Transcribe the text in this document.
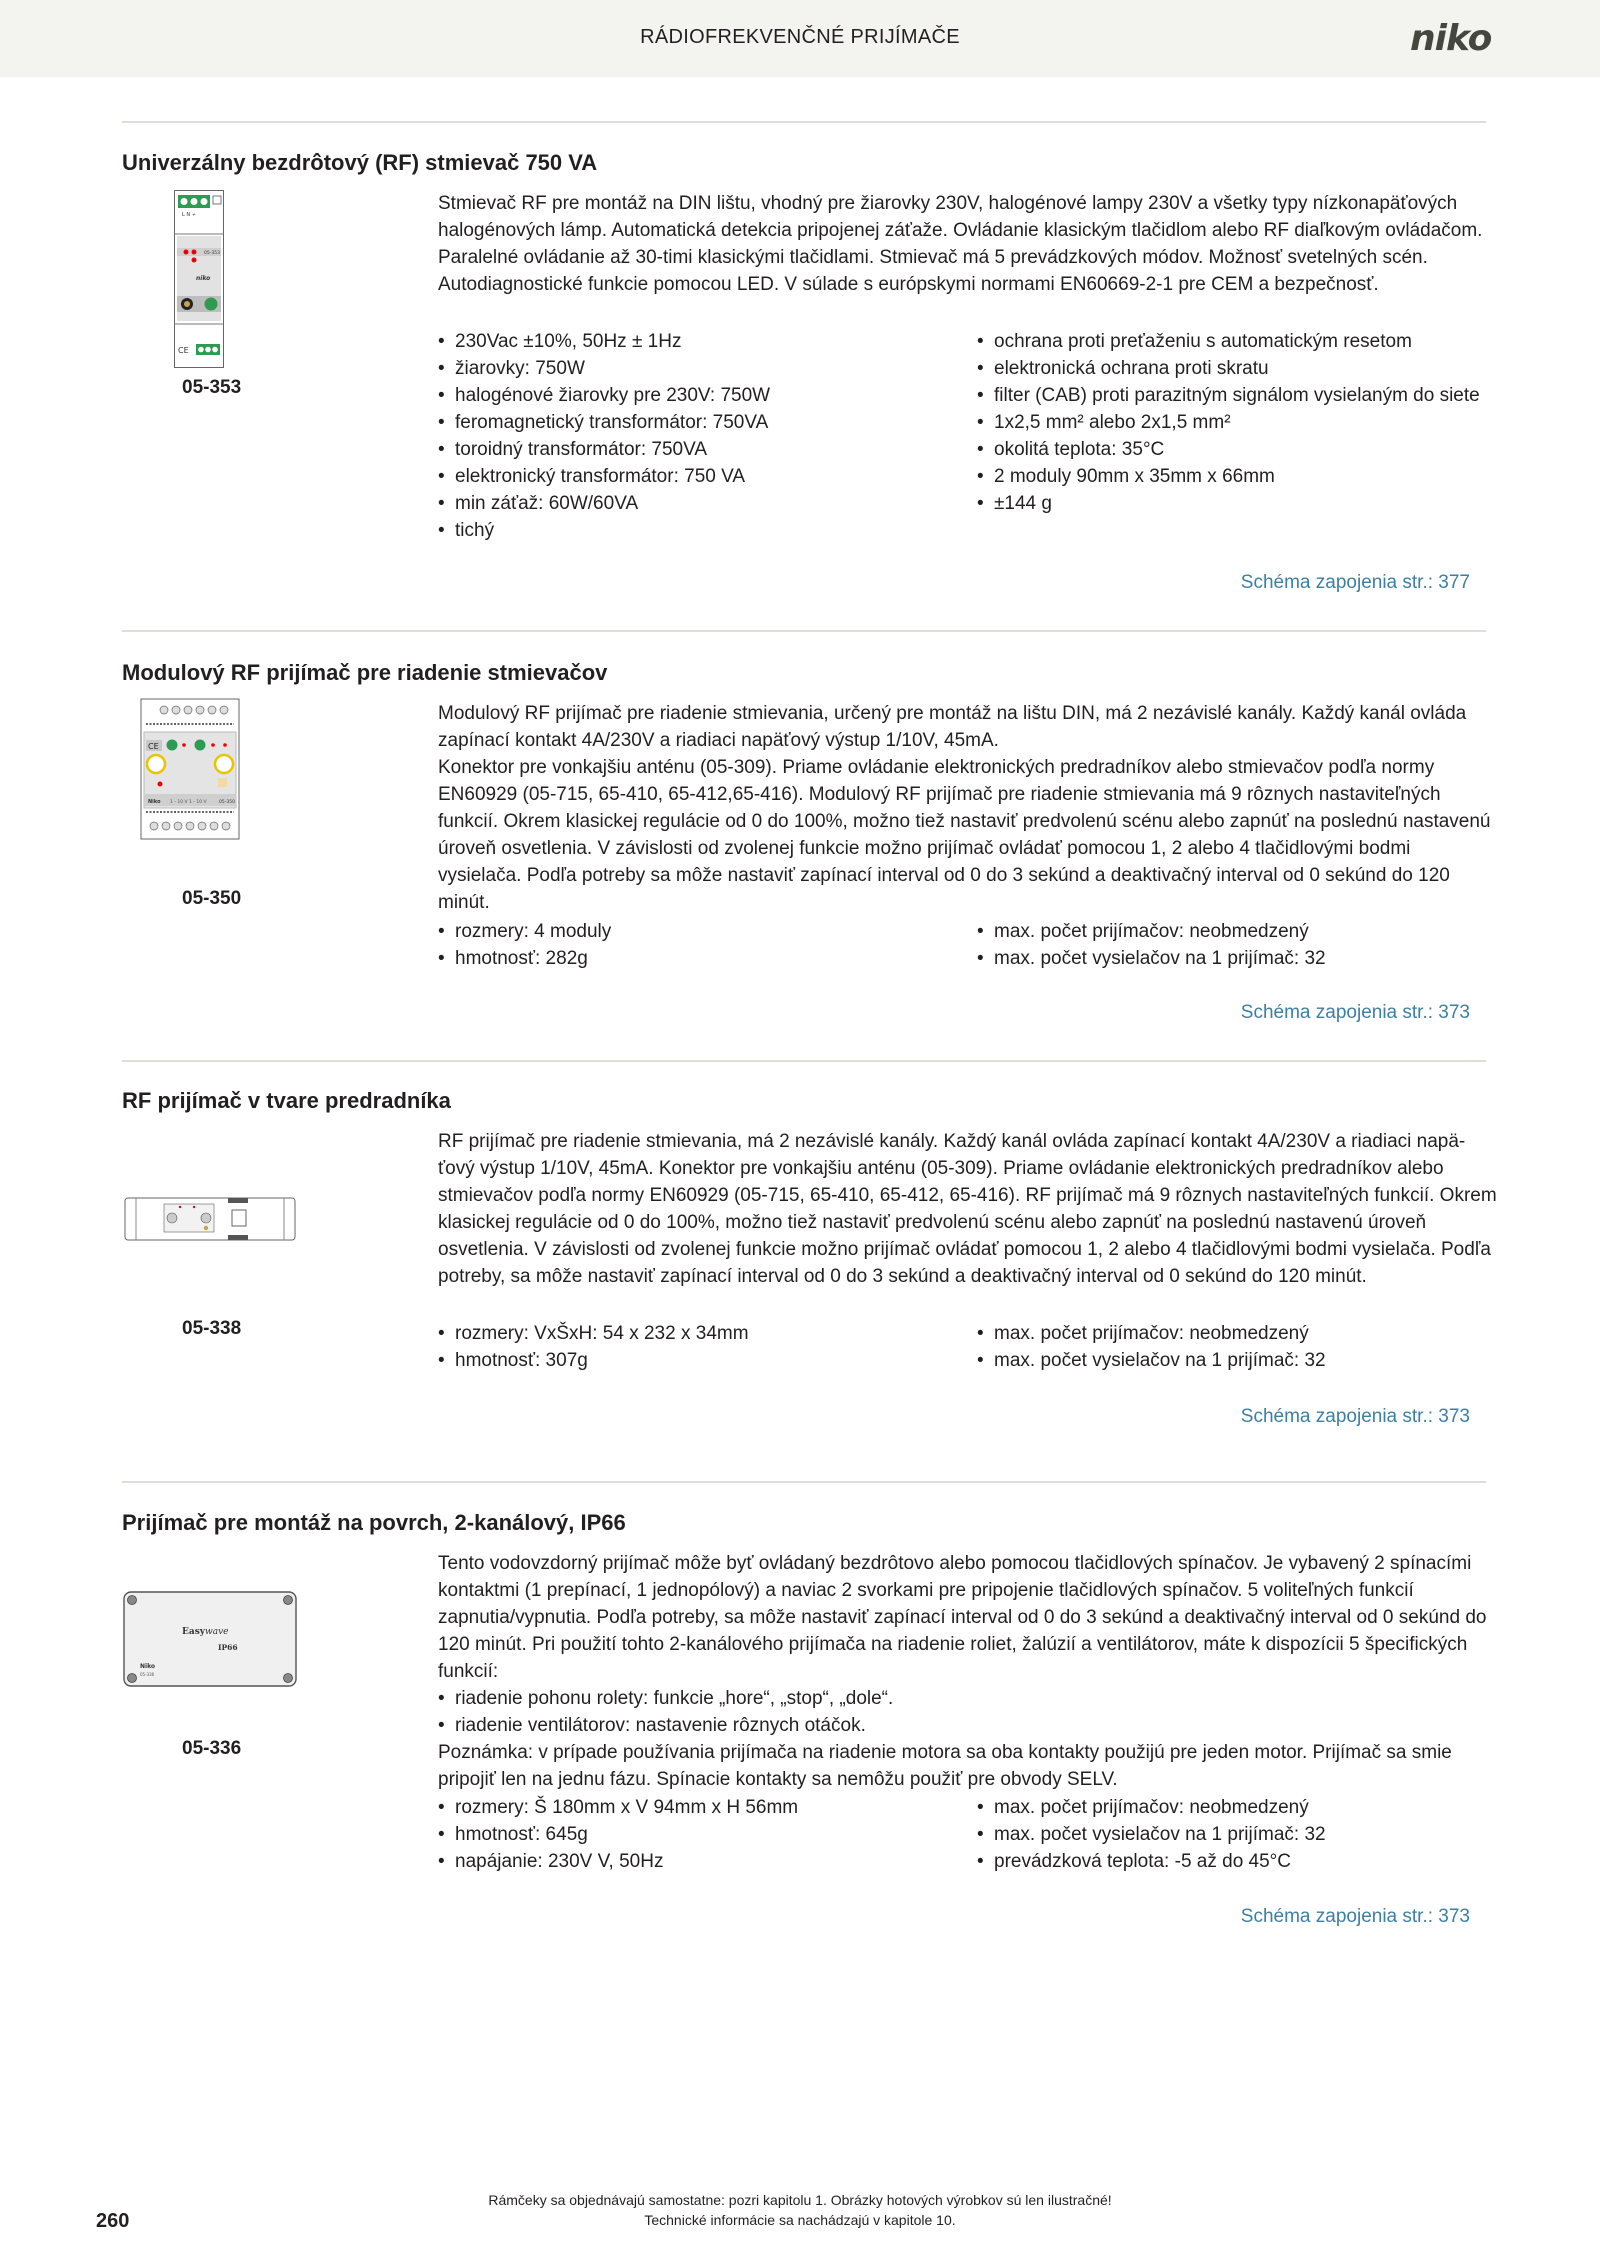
RÁDIOFREKVENČNÉ PRIJÍMAČE	niko
Univerzálny bezdrôtový (RF) stmievač 750 VA
L N ≁
05-353
niko
CE
05-353

Stmievač RF pre montáž na DIN lištu, vhodný pre žiarovky 230V, halogénové lampy 230V a všetky typy nízkonapäťových halogénových lámp. Automatická detekcia pripojenej záťaže. Ovládanie klasickým tlačidlom alebo RF diaľkovým ovládačom.

Paralelné ovládanie až 30-timi klasickými tlačidlami. Stmievač má 5 prevádzkových módov. Možnosť svetelných scén. Autodiagnostické funkcie pomocou LED. V súlade s európskymi normami EN60669-2-1 pre CEM a bezpečnosť.

• 230Vac ±10%, 50Hz ± 1Hz
• žiarovky: 750W
• halogénové žiarovky pre 230V: 750W
• feromagnetický transformátor: 750VA
• toroidný transformátor: 750VA
• elektronický transformátor: 750 VA
• min záťaž: 60W/60VA
• tichý
• ochrana proti preťaženiu s automatickým resetom
• elektronická ochrana proti skratu
• filter (CAB) proti parazitným signálom vysielaným do siete
• 1x2,5 mm² alebo 2x1,5 mm²
• okolitá teplota: 35°C
• 2 moduly 90mm x 35mm x 66mm
• ±144 g
Schéma zapojenia str.: 377
Modulový RF prijímač pre riadenie stmievačov
CE
Niko 1 - 10 V 1 - 10 V	05-350
05-350

Modulový RF prijímač pre riadenie stmievania, určený pre montáž na lištu DIN, má 2 nezávislé kanály. Každý kanál ovláda zapínací kontakt 4A/230V a riadiaci napäťový výstup 1/10V, 45mA.

Konektor pre vonkajšiu anténu (05-309). Priame ovládanie elektronických predradníkov alebo stmievačov podľa normy EN60929 (05-715, 65-410, 65-412,65-416). Modulový RF prijímač pre riadenie stmievania má 9 rôznych nastaviteľných funkcií. Okrem klasickej regulácie od 0 do 100%, možno tiež nastaviť predvolenú scénu alebo zapnúť na poslednú nastavenú úroveň osvetlenia. V závislosti od zvolenej funkcie možno prijímač ovládať pomocou 1, 2 alebo 4 tlačidlovými bodmi vysielača. Podľa potreby sa môže nastaviť zapínací interval od 0 do 3 sekúnd a deaktivačný interval od 0 sekúnd do 120 minút.

• rozmery: 4 moduly
• hmotnosť: 282g
• max. počet prijímačov: neobmedzený
• max. počet vysielačov na 1 prijímač: 32
Schéma zapojenia str.: 373
RF prijímač v tvare predradníka
05-338

RF prijímač pre riadenie stmievania, má 2 nezávislé kanály. Každý kanál ovláda zapínací kontakt 4A/230V a riadiaci napä-ťový výstup 1/10V, 45mA. Konektor pre vonkajšiu anténu (05-309). Priame ovládanie elektronických predradníkov alebo stmievačov podľa normy EN60929 (05-715, 65-410, 65-412, 65-416). RF prijímač má 9 rôznych nastaviteľných funkcií. Okrem klasickej regulácie od 0 do 100%, možno tiež nastaviť predvolenú scénu alebo zapnúť na poslednú nastavenú úroveň osvetlenia. V závislosti od zvolenej funkcie možno prijímač ovládať pomocou 1, 2 alebo 4 tlačidlovými bodmi vysielača. Podľa potreby, sa môže nastaviť zapínací interval od 0 do 3 sekúnd a deaktivačný interval od 0 sekúnd do 120 minút.

• rozmery: VxŠxH: 54 x 232 x 34mm
• hmotnosť: 307g
• max. počet prijímačov: neobmedzený
• max. počet vysielačov na 1 prijímač: 32
Schéma zapojenia str.: 373
Prijímač pre montáž na povrch, 2-kanálový, IP66
Easywave
IP66
Niko
05-336
05-336

Tento vodovzdorný prijímač môže byť ovládaný bezdrôtovo alebo pomocou tlačidlových spínačov. Je vybavený 2 spínacími kontaktmi (1 prepínací, 1 jednopólový) a naviac 2 svorkami pre pripojenie tlačidlových spínačov. 5 voliteľných funkcií zapnutia/vypnutia. Podľa potreby, sa môže nastaviť zapínací interval od 0 do 3 sekúnd a deaktivačný interval od 0 sekúnd do 120 minút. Pri použití tohto 2-kanálového prijímača na riadenie roliet, žalúzií a ventilátorov, máte k dispozícii 5 špecifických funkcií:

• riadenie pohonu rolety: funkcie „hore“, „stop“, „dole“.
• riadenie ventilátorov: nastavenie rôznych otáčok.

Poznámka: v prípade používania prijímača na riadenie motora sa oba kontakty použijú pre jeden motor. Prijímač sa smie pripojiť len na jednu fázu. Spínacie kontakty sa nemôžu použiť pre obvody SELV.

• rozmery: Š 180mm x V 94mm x H 56mm
• hmotnosť: 645g
• napájanie: 230V V, 50Hz
• max. počet prijímačov: neobmedzený
• max. počet vysielačov na 1 prijímač: 32
• prevádzková teplota: -5 až do 45°C
Schéma zapojenia str.: 373
Rámčeky sa objednávajú samostatne: pozri kapitolu 1. Obrázky hotových výrobkov sú len ilustračné!
Technické informácie sa nachádzajú v kapitole 10.
260
